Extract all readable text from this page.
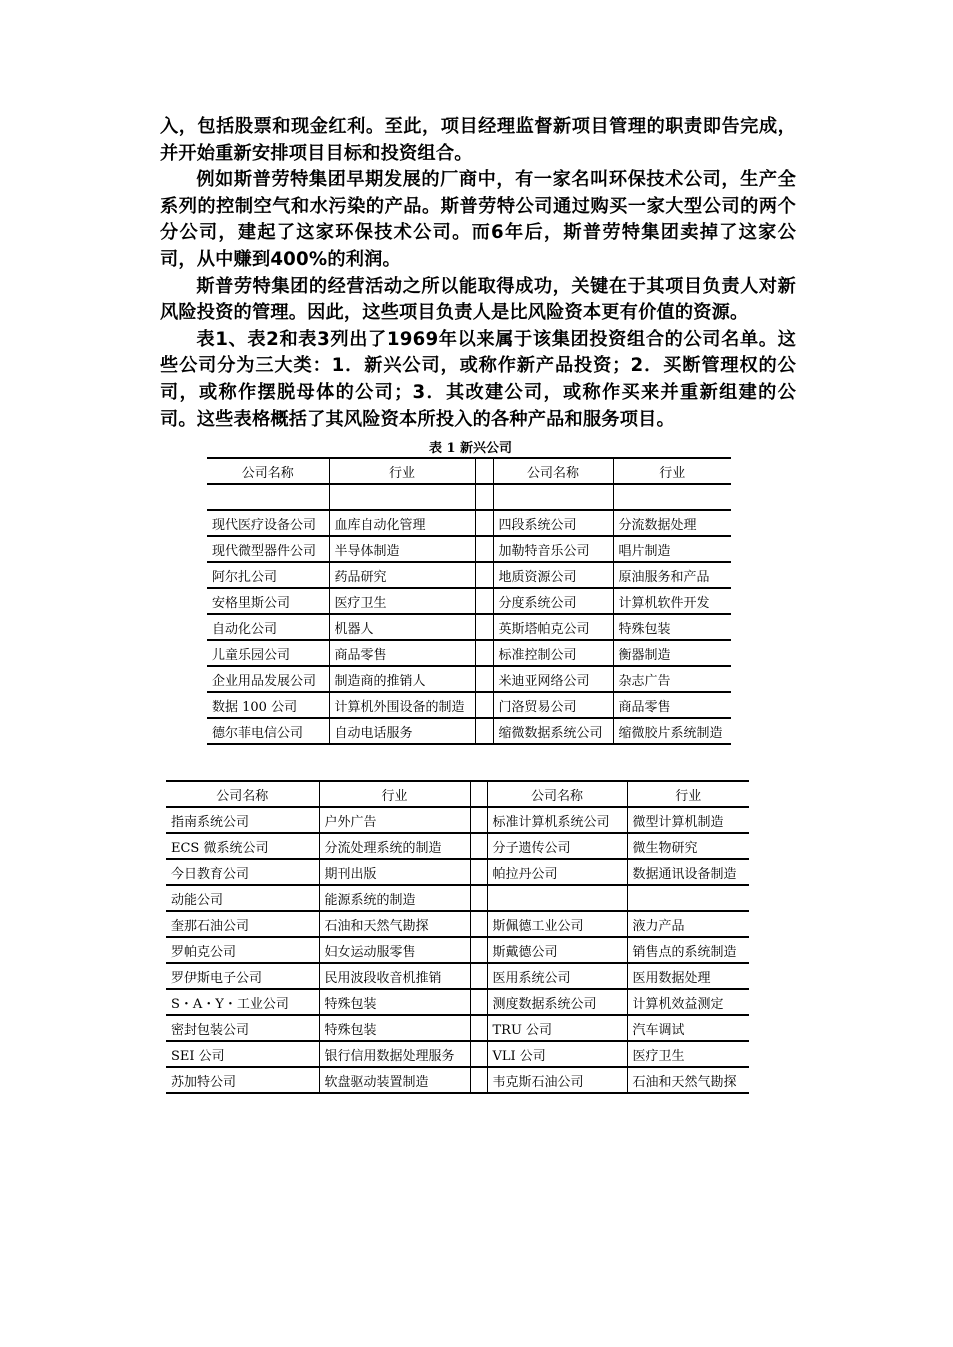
入，包括股票和现金红利。至此，项目经理监督新项目管理的职责即告完成，并开始重新安排项目目标和投资组合。

例如斯普劳特集团早期发展的厂商中，有一家名叫环保技术公司，生产全系列的控制空气和水污染的产品。斯普劳特公司通过购买一家大型公司的两个分公司，建起了这家环保技术公司。而6年后，斯普劳特集团卖掉了这家公司，从中赚到400%的利润。

斯普劳特集团的经营活动之所以能取得成功，关键在于其项目负责人对新风险投资的管理。因此，这些项目负责人是比风险资本更有价值的资源。

表1、表2和表3列出了1969年以来属于该集团投资组合的公司名单。这些公司分为三大类：1．新兴公司，或称作新产品投资；2．买断管理权的公司，或称作摆脱母体的公司；3．其改建公司，或称作买来并重新组建的公司。这些表格概括了其风险资本所投入的各种产品和服务项目。

表 1 新兴公司
公司名称	行业		公司名称	行业

现代医疗设备公司	血库自动化管理		四段系统公司	分流数据处理
现代微型器件公司	半导体制造		加勒特音乐公司	唱片制造
阿尔扎公司	药品研究		地质资源公司	原油服务和产品
安格里斯公司	医疗卫生		分度系统公司	计算机软件开发
自动化公司	机器人		英斯塔帕克公司	特殊包装
儿童乐园公司	商品零售		标准控制公司	衡器制造
企业用品发展公司	制造商的推销人		米迪亚网络公司	杂志广告
数据 100 公司	计算机外围设备的制造		门洛贸易公司	商品零售
德尔菲电信公司	自动电话服务		缩微数据系统公司	缩微胶片系统制造
公司名称	行业		公司名称	行业
指南系统公司	户外广告		标准计算机系统公司	微型计算机制造
ECS 微系统公司	分流处理系统的制造		分子遗传公司	微生物研究
今日教育公司	期刊出版		帕拉丹公司	数据通讯设备制造
动能公司	能源系统的制造			
奎那石油公司	石油和天然气勘探		斯佩德工业公司	液力产品
罗帕克公司	妇女运动服零售		斯戴德公司	销售点的系统制造
罗伊斯电子公司	民用波段收音机推销		医用系统公司	医用数据处理
S・A・Y・工业公司	特殊包装		测度数据系统公司	计算机效益测定
密封包装公司	特殊包装		TRU 公司	汽车调试
SEI 公司	银行信用数据处理服务		VLI 公司	医疗卫生
苏加特公司	软盘驱动装置制造		韦克斯石油公司	石油和天然气勘探
